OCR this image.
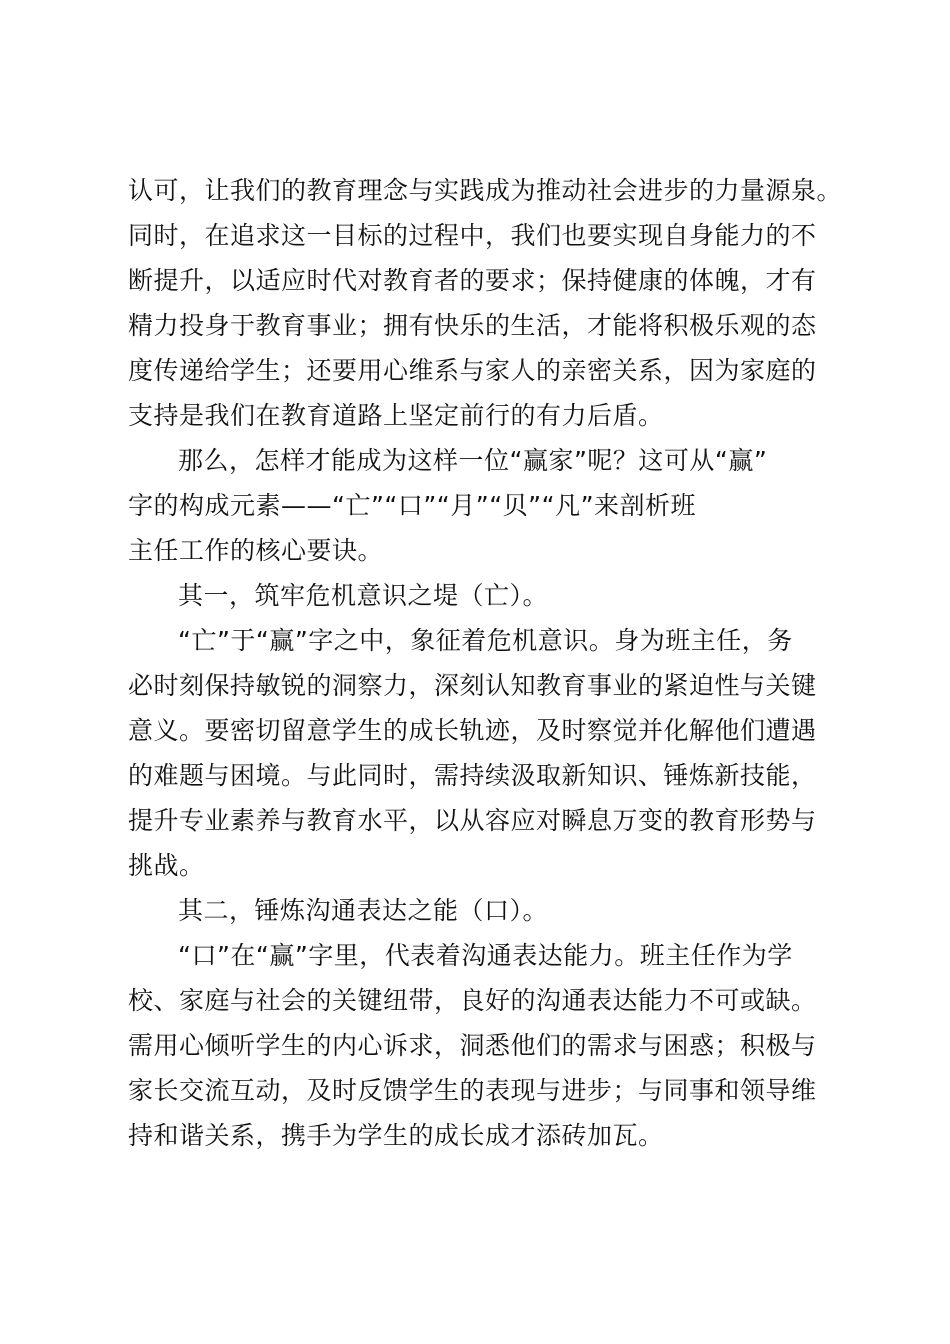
认可，让我们的教育理念与实践成为推动社会进步的力量源泉。
同时，在追求这一目标的过程中，我们也要实现自身能力的不
断提升，以适应时代对教育者的要求；保持健康的体魄，才有
精力投身于教育事业；拥有快乐的生活，才能将积极乐观的态
度传递给学生；还要用心维系与家人的亲密关系，因为家庭的
支持是我们在教育道路上坚定前行的有力后盾。
那么，怎样才能成为这样一位“赢家”呢？这可从“赢”
字的构成元素——“亡”“口”“月”“贝”“凡”来剖析班
主任工作的核心要诀。
其一，筑牢危机意识之堤（亡）。
“亡”于“赢”字之中，象征着危机意识。身为班主任，务
必时刻保持敏锐的洞察力，深刻认知教育事业的紧迫性与关键
意义。要密切留意学生的成长轨迹，及时察觉并化解他们遭遇
的难题与困境。与此同时，需持续汲取新知识、锤炼新技能，
提升专业素养与教育水平，以从容应对瞬息万变的教育形势与
挑战。
其二，锤炼沟通表达之能（口）。
“口”在“赢”字里，代表着沟通表达能力。班主任作为学
校、家庭与社会的关键纽带，良好的沟通表达能力不可或缺。
需用心倾听学生的内心诉求，洞悉他们的需求与困惑；积极与
家长交流互动，及时反馈学生的表现与进步；与同事和领导维
持和谐关系，携手为学生的成长成才添砖加瓦。
